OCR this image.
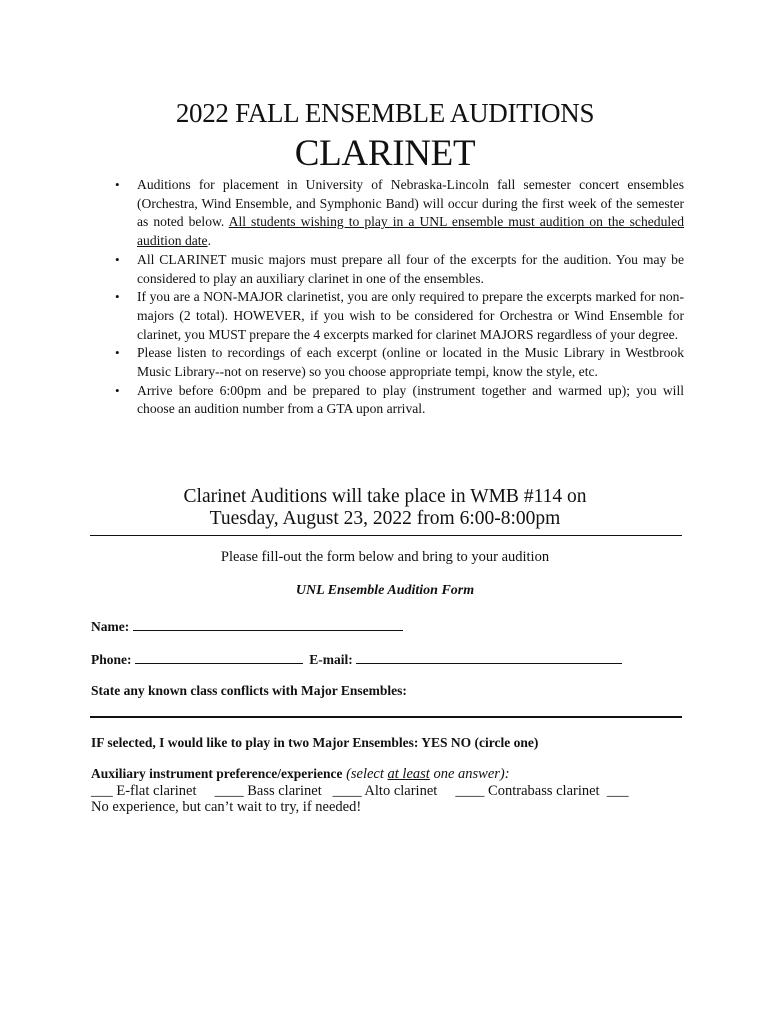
2022 FALL ENSEMBLE AUDITIONS
CLARINET
• Auditions for placement in University of Nebraska-Lincoln fall semester concert ensembles (Orchestra, Wind Ensemble, and Symphonic Band) will occur during the first week of the semester as noted below. All students wishing to play in a UNL ensemble must audition on the scheduled audition date.
• All CLARINET music majors must prepare all four of the excerpts for the audition. You may be considered to play an auxiliary clarinet in one of the ensembles.
• If you are a NON-MAJOR clarinetist, you are only required to prepare the excerpts marked for non-majors (2 total). HOWEVER, if you wish to be considered for Orchestra or Wind Ensemble for clarinet, you MUST prepare the 4 excerpts marked for clarinet MAJORS regardless of your degree.
• Please listen to recordings of each excerpt (online or located in the Music Library in Westbrook Music Library--not on reserve) so you choose appropriate tempi, know the style, etc.
• Arrive before 6:00pm and be prepared to play (instrument together and warmed up); you will choose an audition number from a GTA upon arrival.
Clarinet Auditions will take place in WMB #114 on
Tuesday, August 23, 2022 from 6:00-8:00pm
Please fill-out the form below and bring to your audition
UNL Ensemble Audition Form
Name:
Phone:	E-mail:
State any known class conflicts with Major Ensembles:
IF selected, I would like to play in two Major Ensembles: YES NO (circle one)
Auxiliary instrument preference/experience (select at least one answer):
___ E-flat clarinet     ____ Bass clarinet   ____ Alto clarinet     ____ Contrabass clarinet  ___
No experience, but can’t wait to try, if needed!
